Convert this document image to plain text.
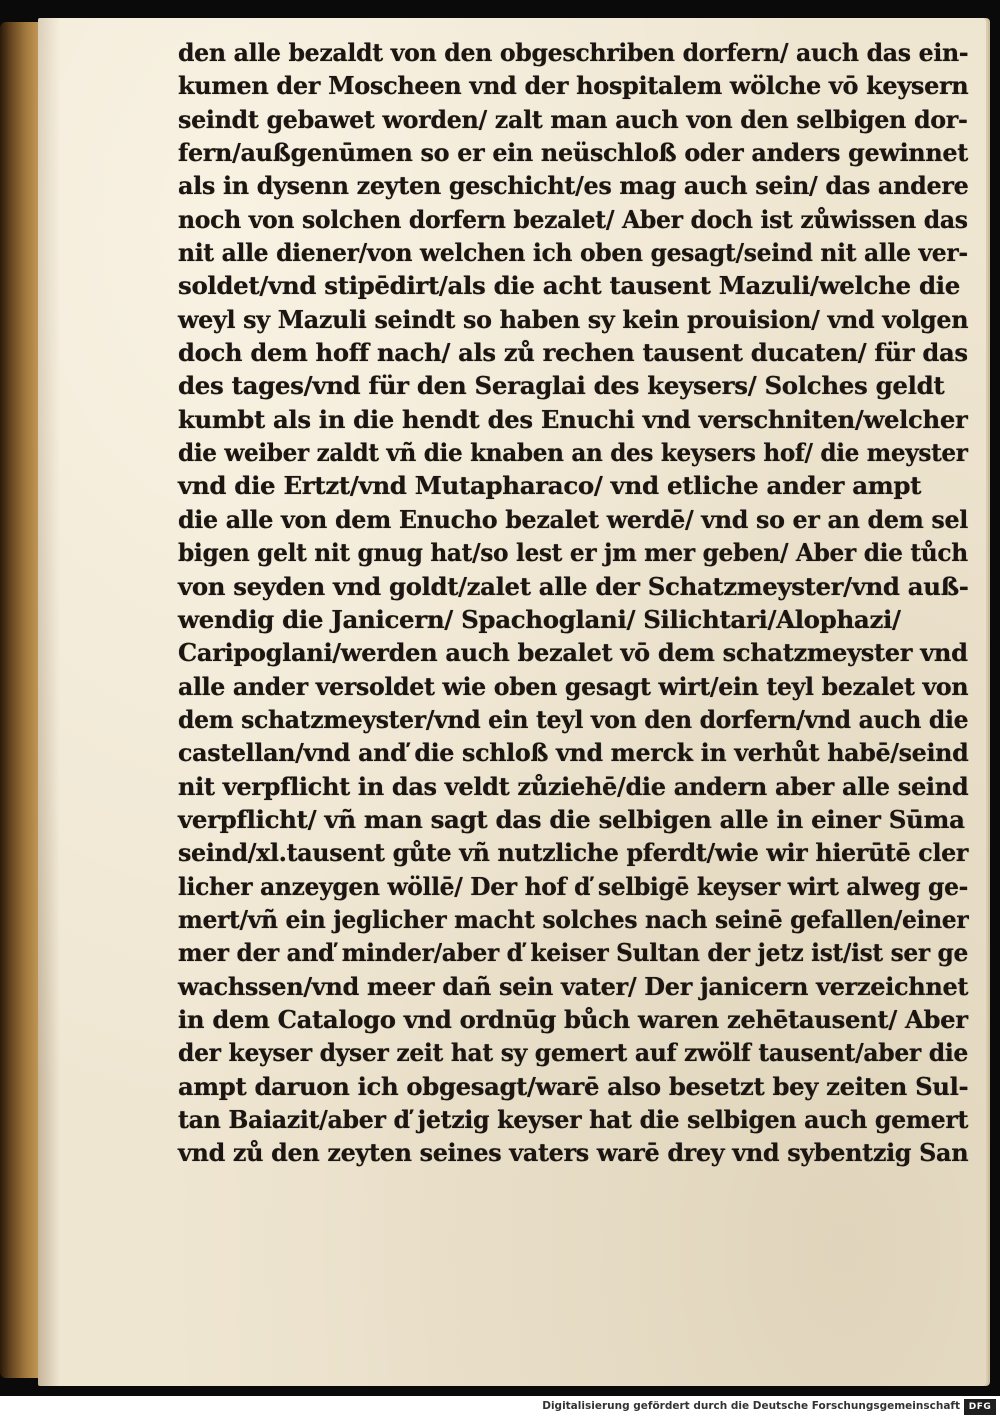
den alle bezaldt von den obgeschriben dorfern/ auch das ein-
kumen der Moscheen vnd der hospitalem wölche vō keysern
seindt gebawet worden/ zalt man auch von den selbigen dor-
fern/außgenūmen so er ein neüschloß oder anders gewinnet
als in dysenn zeyten geschicht/es mag auch sein/ das andere
noch von solchen dorfern bezalet/ Aber doch ist zůwissen das
nit alle diener/von welchen ich oben gesagt/seind nit alle ver-
soldet/vnd stipēdirt/als die acht tausent Mazuli/welche die
weyl sy Mazuli seindt so haben sy kein prouision/ vnd volgen
doch dem hoff nach/ als zů rechen tausent ducaten/ für das
des tages/vnd für den Seraglai des keysers/ Solches geldt
kumbt als in die hendt des Enuchi vnd verschniten/welcher
die weiber zaldt vñ die knaben an des keysers hof/ die meyster
vnd die Ertzt/vnd Mutapharaco/ vnd etliche ander ampt
die alle von dem Enucho bezalet werdē/ vnd so er an dem sel
bigen gelt nit gnug hat/so lest er jm mer geben/ Aber die tůch
von seyden vnd goldt/zalet alle der Schatzmeyster/vnd auß-
wendig die Janicern/ Spachoglani/ Silichtari/Alophazi/
Caripoglani/werden auch bezalet vō dem schatzmeyster vnd
alle ander versoldet wie oben gesagt wirt/ein teyl bezalet von
dem schatzmeyster/vnd ein teyl von den dorfern/vnd auch die
castellan/vnd anď die schloß vnd merck in verhůt habē/seind
nit verpflicht in das veldt zůziehē/die andern aber alle seind
verpflicht/ vñ man sagt das die selbigen alle in einer Sūma
seind/xl.tausent gůte vñ nutzliche pferdt/wie wir hierūtē cler
licher anzeygen wöllē/ Der hof ď selbigē keyser wirt alweg ge-
mert/vñ ein jeglicher macht solches nach seinē gefallen/einer
mer der anď minder/aber ď keiser Sultan der jetz ist/ist ser ge
wachssen/vnd meer dañ sein vater/ Der janicern verzeichnet
in dem Catalogo vnd ordnūg bůch waren zehētausent/ Aber
der keyser dyser zeit hat sy gemert auf zwölf tausent/aber die
ampt daruon ich obgesagt/warē also besetzt bey zeiten Sul-
tan Baiazit/aber ď jetzig keyser hat die selbigen auch gemert
vnd zů den zeyten seines vaters warē drey vnd sybentzig San
Digitalisierung gefördert durch die Deutsche Forschungsgemeinschaft DFG
